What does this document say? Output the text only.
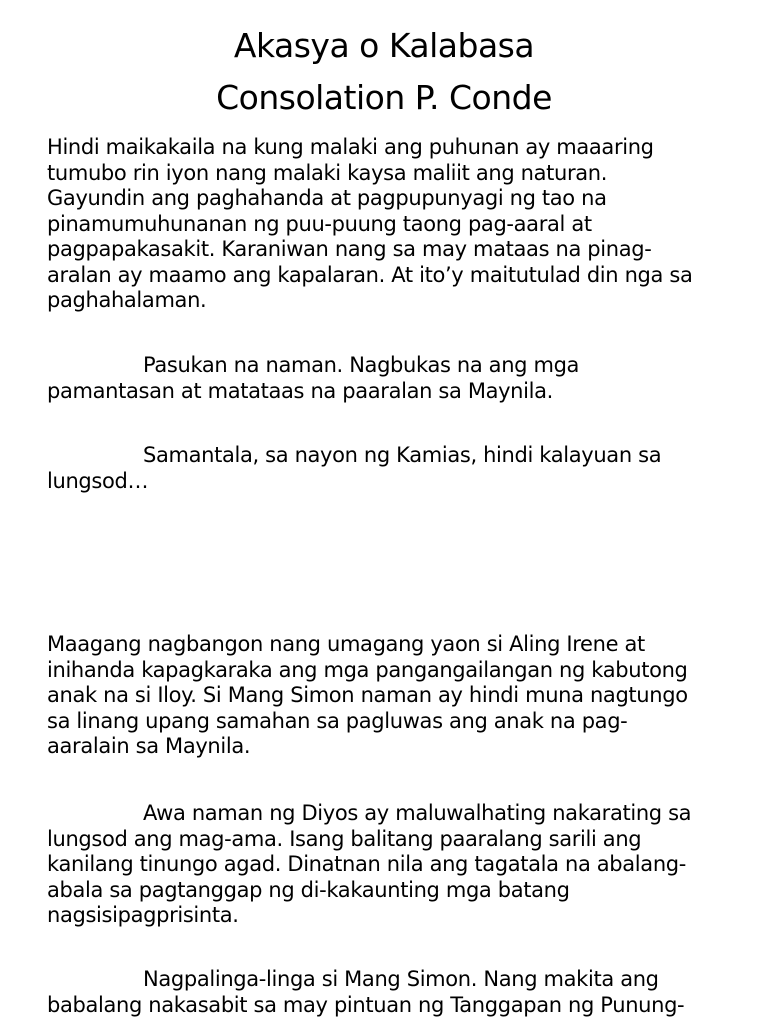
Akasya o Kalabasa
Consolation P. Conde
Hindi maikakaila na kung malaki ang puhunan ay maaaring
tumubo rin iyon nang malaki kaysa maliit ang naturan.
Gayundin ang paghahanda at pagpupunyagi ng tao na
pinamumuhunanan ng puu-puung taong pag-aaral at
pagpapakasakit. Karaniwan nang sa may mataas na pinag-
aralan ay maamo ang kapalaran. At ito’y maitutulad din nga sa
paghahalaman.
Pasukan na naman. Nagbukas na ang mga
pamantasan at matataas na paaralan sa Maynila.
Samantala, sa nayon ng Kamias, hindi kalayuan sa
lungsod…
Maagang nagbangon nang umagang yaon si Aling Irene at
inihanda kapagkaraka ang mga pangangailangan ng kabutong
anak na si Iloy. Si Mang Simon naman ay hindi muna nagtungo
sa linang upang samahan sa pagluwas ang anak na pag-
aaralain sa Maynila.
Awa naman ng Diyos ay maluwalhating nakarating sa
lungsod ang mag-ama. Isang balitang paaralang sarili ang
kanilang tinungo agad. Dinatnan nila ang tagatala na abalang-
abala sa pagtanggap ng di-kakaunting mga batang
nagsisipagprisinta.
Nagpalinga-linga si Mang Simon. Nang makita ang
babalang nakasabit sa may pintuan ng Tanggapan ng Punung-
